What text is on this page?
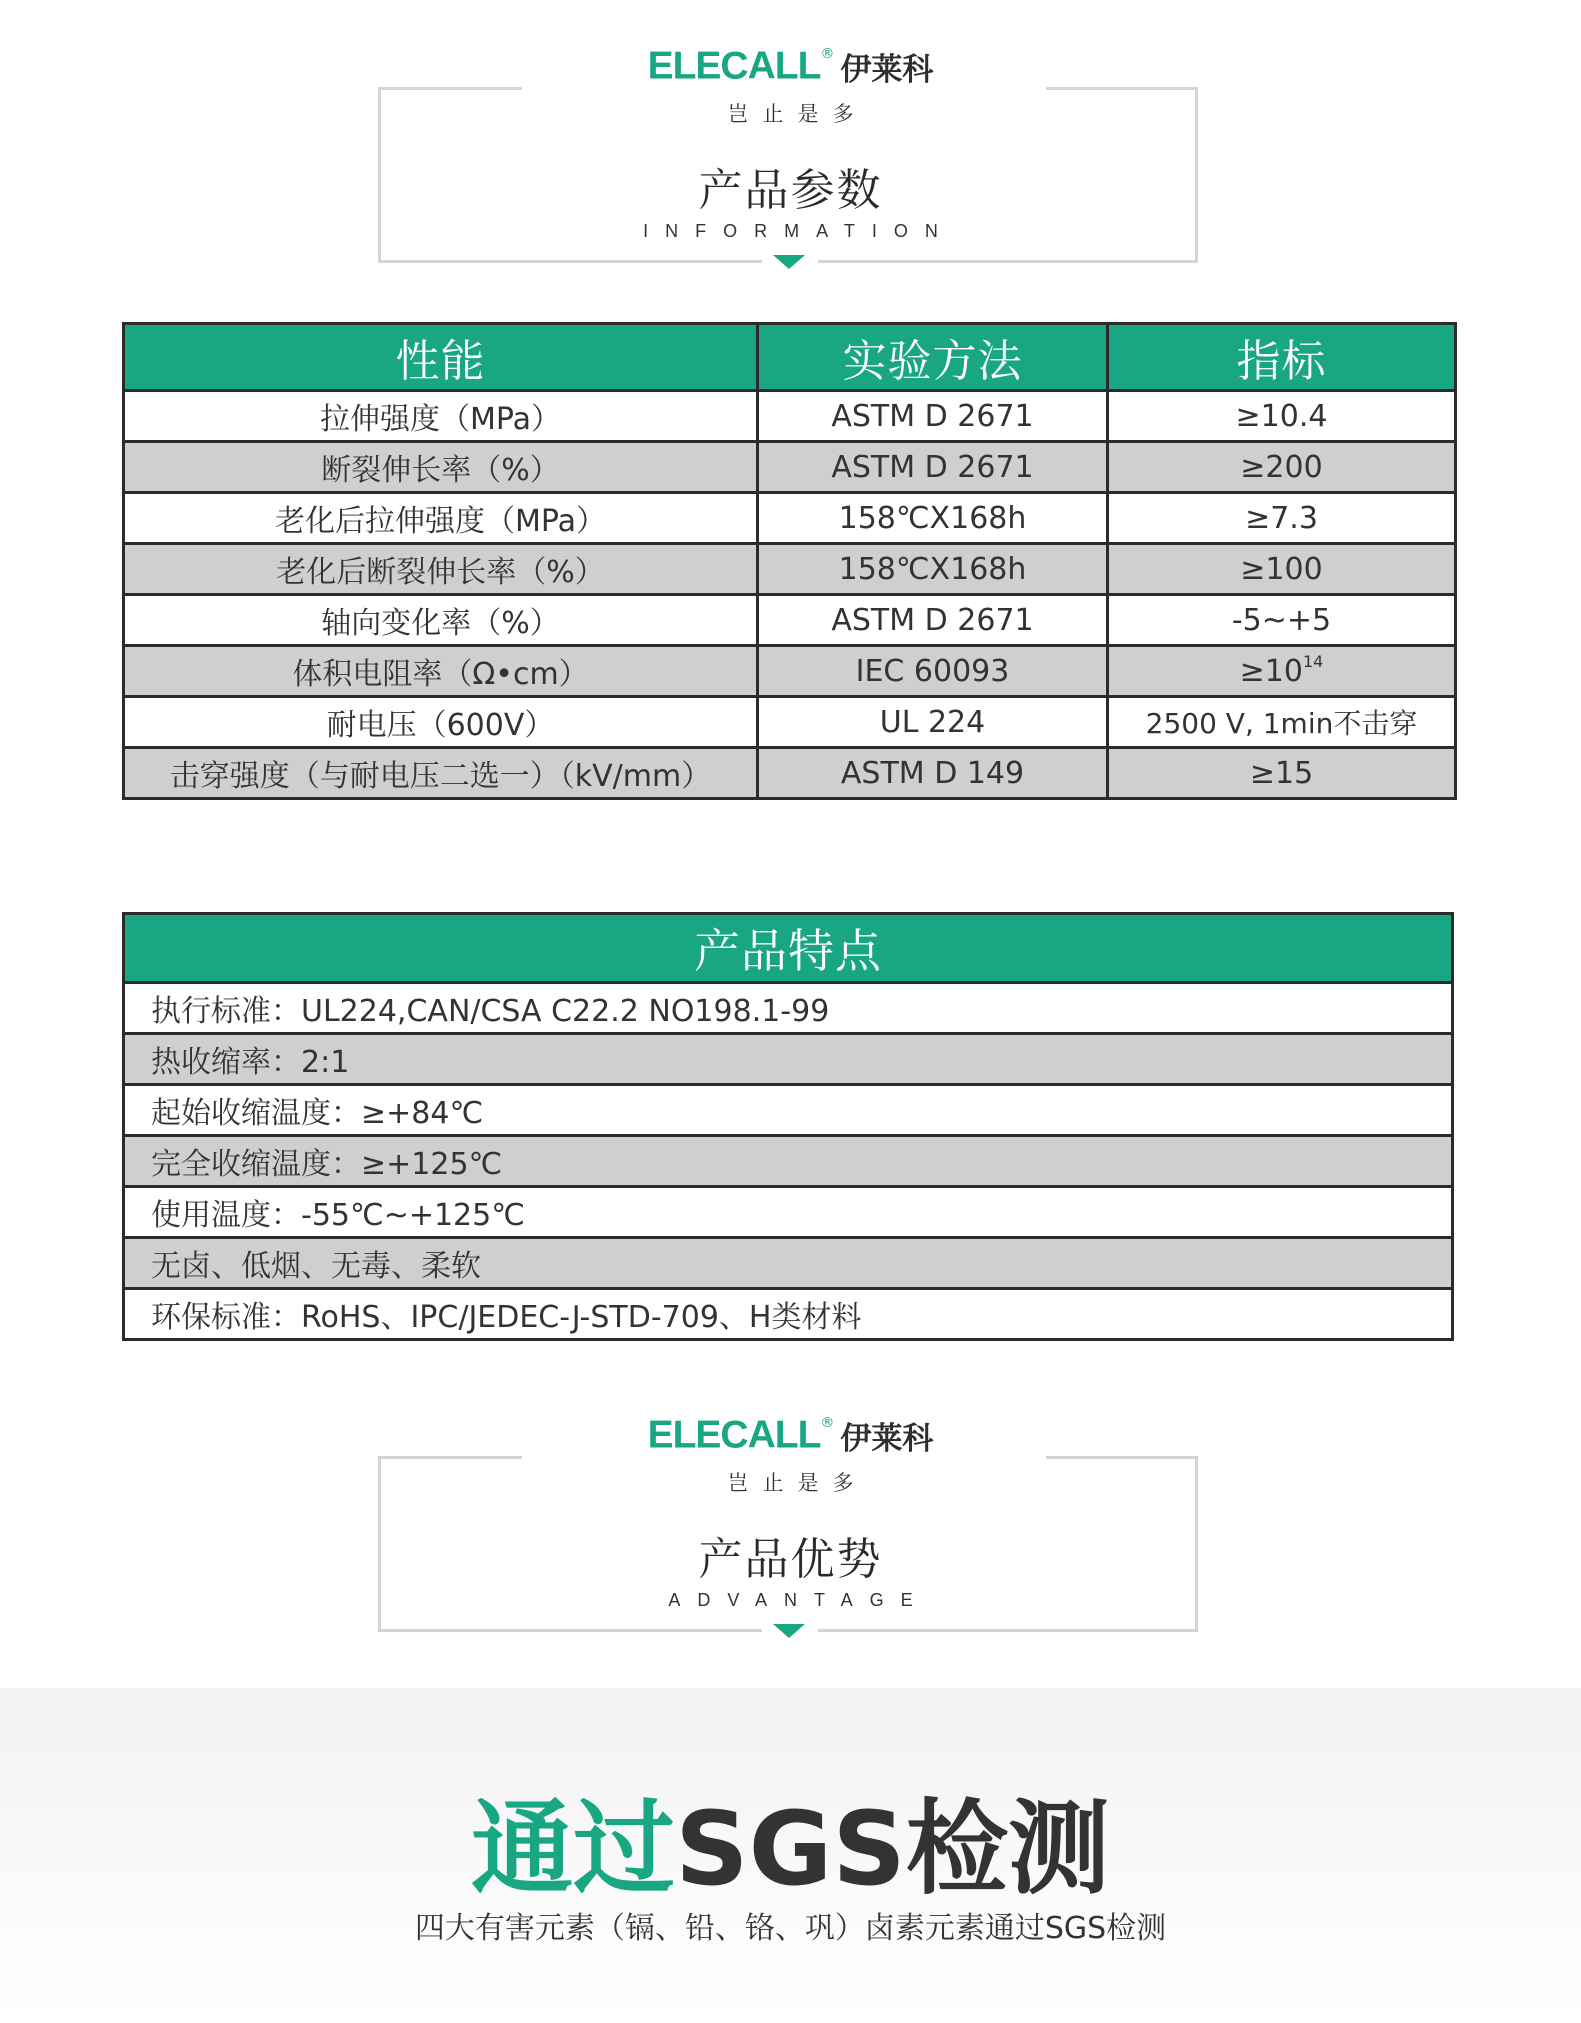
ELECALL® 伊莱科
岂止是多
产品参数
INFORMATION
性能	实验方法	指标
拉伸强度（MPa）	ASTM D 2671	≥10.4
断裂伸长率（%）	ASTM D 2671	≥200
老化后拉伸强度（MPa）	158℃X168h	≥7.3
老化后断裂伸长率（%）	158℃X168h	≥100
轴向变化率（%）	ASTM D 2671	-5~+5
体积电阻率（Ω•cm）	IEC 60093	$\ge 10^{14}$
耐电压（600V）	UL 224	2500 V, 1min不击穿
击穿强度（与耐电压二选一）（kV/mm）	ASTM D 149	≥15
产品特点
执行标准：UL224,CAN/CSA C22.2 NO198.1-99
热收缩率：2:1
起始收缩温度：≥+84℃
完全收缩温度：≥+125℃
使用温度：-55℃~+125℃
无卤、低烟、无毒、柔软
环保标准：RoHS、IPC/JEDEC-J-STD-709、H类材料
ELECALL® 伊莱科
岂止是多
产品优势
ADVANTAGE
通过SGS检测
四大有害元素（镉、铅、铬、巩）卤素元素通过SGS检测
